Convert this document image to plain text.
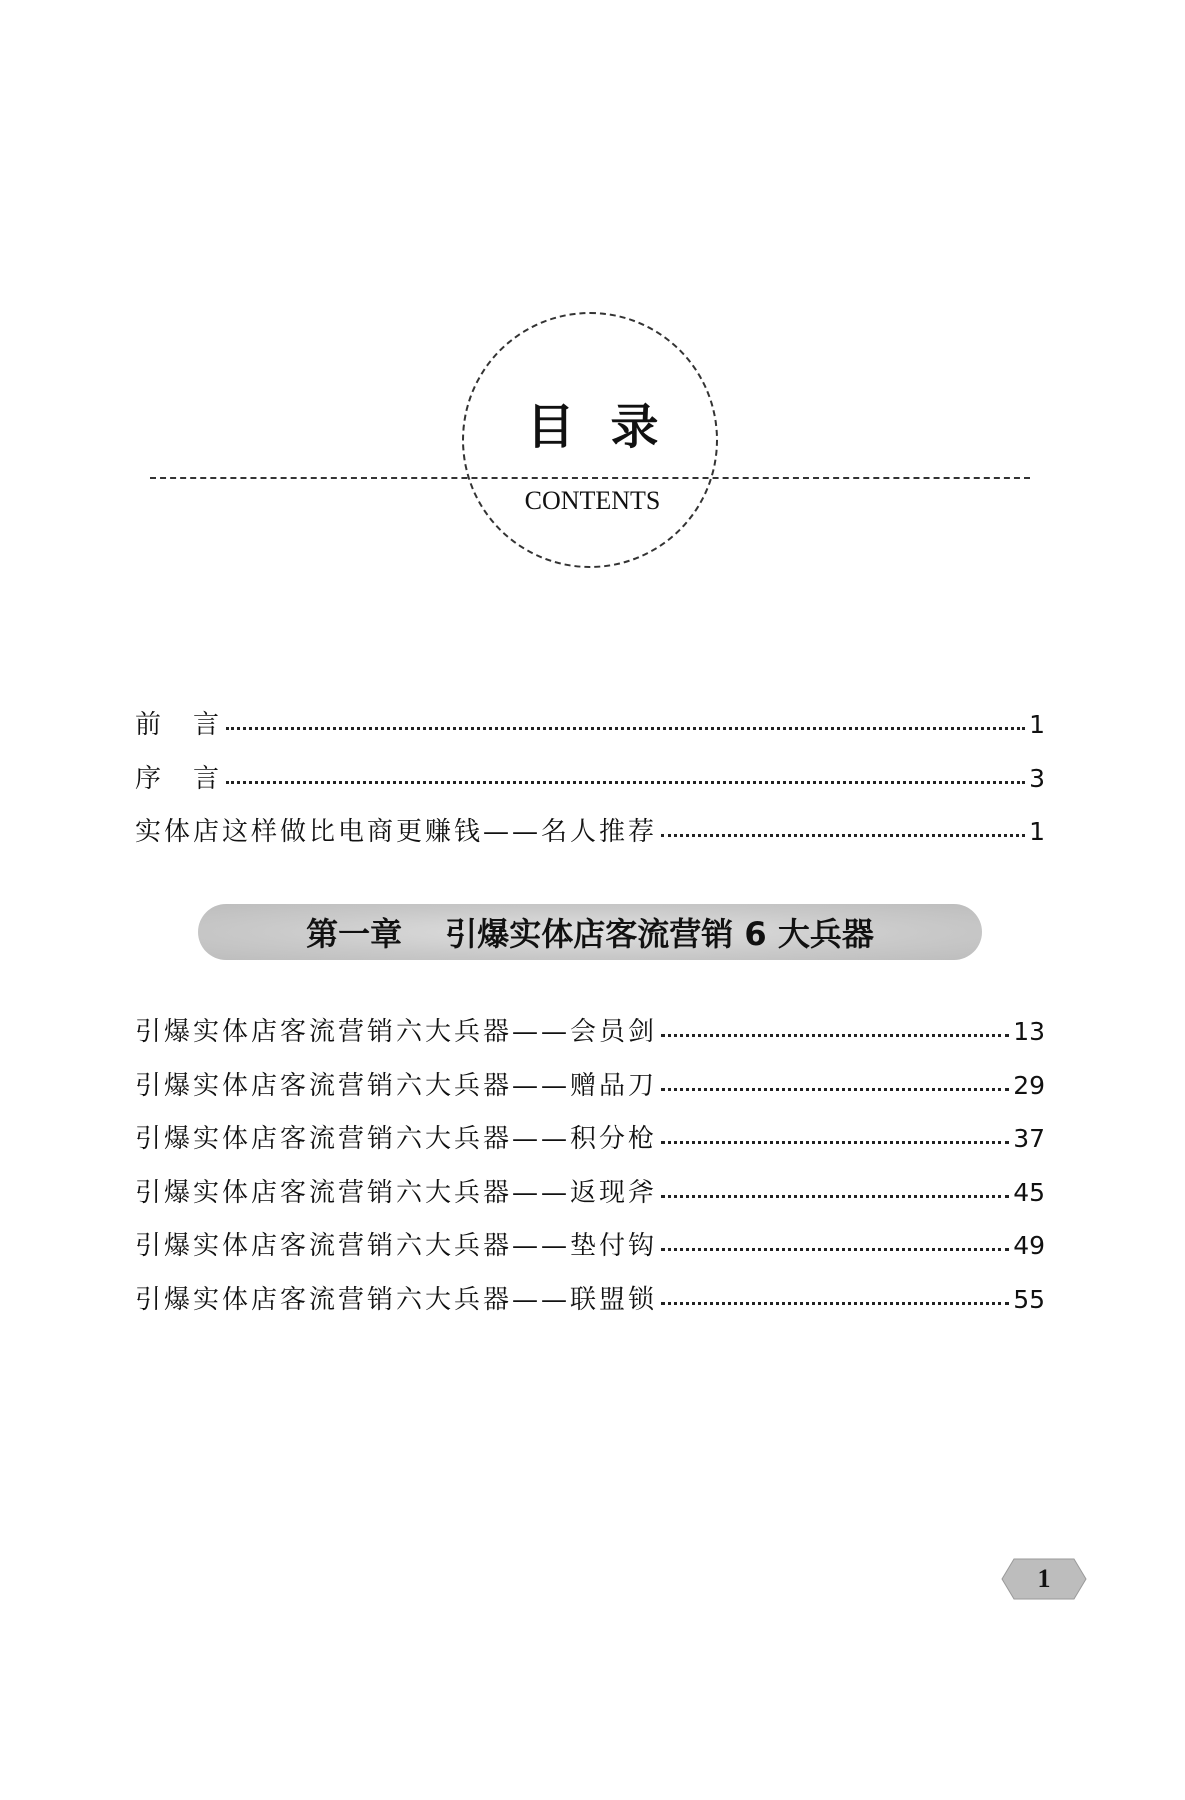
目录
CONTENTS
前　言	1
序　言	3
实体店这样做比电商更赚钱——名人推荐	1
第一章　 引爆实体店客流营销 6 大兵器
引爆实体店客流营销六大兵器——会员剑	13
引爆实体店客流营销六大兵器——赠品刀	29
引爆实体店客流营销六大兵器——积分枪	37
引爆实体店客流营销六大兵器——返现斧	45
引爆实体店客流营销六大兵器——垫付钩	49
引爆实体店客流营销六大兵器——联盟锁	55
1
